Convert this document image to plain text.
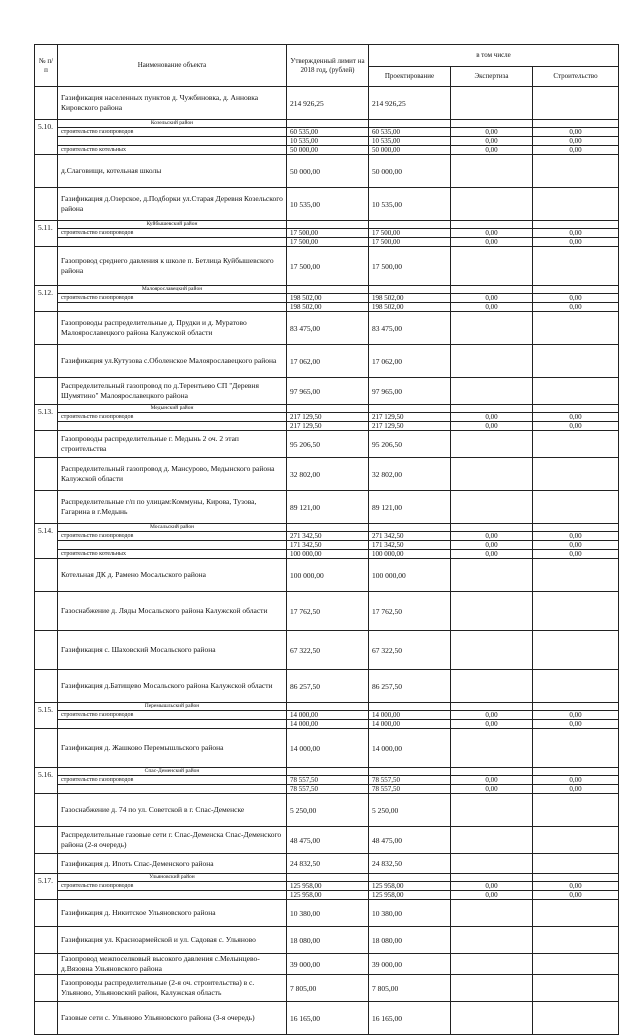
№ п/п	Наименование объекта	Утвержденный лимит на 2018 год, (рублей)	в том числе		
			Проектирование	Экспертиза	Строительство
	Газификация населенных пунктов д. Чужбиновка, д. Анновка Кировского района	214 926,25	214 926,25		
5.10.	Козельский район				
	строительство газопроводов	60 535,00	60 535,00	0,00	0,00
		10 535,00	10 535,00	0,00	0,00
	строительство котельных	50 000,00	50 000,00	0,00	0,00
	д.Слаговищи, котельная школы	50 000,00	50 000,00		
	Газификация д.Озерское, д.Подборки ул.Старая Деревня Козельского района	10 535,00	10 535,00		
5.11.	Куйбышевский район				
	строительство газопроводов	17 500,00	17 500,00	0,00	0,00
		17 500,00	17 500,00	0,00	0,00
	Газопровод среднего давления к школе п. Бетлица Куйбышевского района	17 500,00	17 500,00		
5.12.	Малоярославецкий район				
	строительство газопроводов	198 502,00	198 502,00	0,00	0,00
		198 502,00	198 502,00	0,00	0,00
	Газопроводы распределительные д. Прудки и д. Муратово Малоярославецкого района Калужской области	83 475,00	83 475,00		
	Газификация ул.Кутузова с.Оболенское Малоярославецкого района	17 062,00	17 062,00		
	Распределительный газопровод по д.Терентьево СП "Деревня Шумятино" Малоярославецкого района	97 965,00	97 965,00		
5.13.	Медынский район				
	строительство газопроводов	217 129,50	217 129,50	0,00	0,00
		217 129,50	217 129,50	0,00	0,00
	Газопроводы распределительные г. Медынь 2 оч. 2 этап строительства	95 206,50	95 206,50		
	Распределительный газопровод д. Мансурово, Медынского района Калужской области	32 802,00	32 802,00		
	Распределительные г/п по улицам:Коммуны, Кирова, Тузова, Гагарина в г.Медынь	89 121,00	89 121,00		
5.14.	Мосальский район				
	строительство газопроводов	271 342,50	271 342,50	0,00	0,00
		171 342,50	171 342,50	0,00	0,00
	строительство котельных	100 000,00	100 000,00	0,00	0,00
	Котельная ДК д. Рамено Мосальского района	100 000,00	100 000,00		
	Газоснабжение д. Ляды Мосальского района Калужской области	17 762,50	17 762,50		
	Газификация с. Шаховский Мосальского района	67 322,50	67 322,50		
	Газификация д.Батищево Мосальского района Калужской области	86 257,50	86 257,50		
5.15.	Перемышльский район				
	строительство газопроводов	14 000,00	14 000,00	0,00	0,00
		14 000,00	14 000,00	0,00	0,00
	Газификация д. Жашково Перемышльского района	14 000,00	14 000,00		
5.16.	Спас-Деменский район				
	строительство газопроводов	78 557,50	78 557,50	0,00	0,00
		78 557,50	78 557,50	0,00	0,00
	Газоснабжение д. 74 по ул. Советской в г. Спас-Деменске	5 250,00	5 250,00		
	Распределительные газовые сети г. Спас-Деменска Спас-Деменского района (2-я очередь)	48 475,00	48 475,00		
	Газификация д. Ипоть Спас-Деменского района	24 832,50	24 832,50		
5.17.	Ульяновский район				
	строительство газопроводов	125 958,00	125 958,00	0,00	0,00
		125 958,00	125 958,00	0,00	0,00
	Газификация д. Никитское Ульяновского района	10 380,00	10 380,00		
	Газификация ул. Красноармейской и ул. Садовая с. Ульяново	18 080,00	18 080,00		
	Газопровод межпоселковый высокого давления с.Мелынцево-д.Вязовна Ульяновского района	39 000,00	39 000,00		
	Газопроводы распределительные (2-я оч. строительства) в с. Ульяново, Ульяновский район, Калужская область	7 805,00	7 805,00		
	Газовые сети с. Ульяново Ульяновского района (3-я очередь)	16 165,00	16 165,00		
